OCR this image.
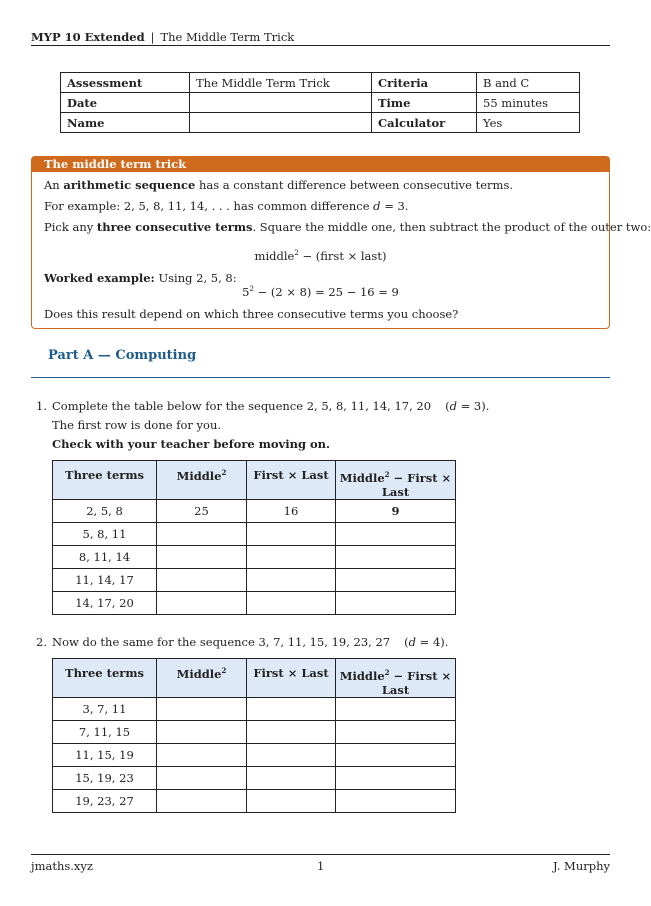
MYP 10 Extended | The Middle Term Trick
Assessment	The Middle Term Trick	Criteria	B and C
Date		Time	55 minutes
Name		Calculator	Yes
The middle term trick
An arithmetic sequence has a constant difference between consecutive terms.
For example: 2, 5, 8, 11, 14, . . . has common difference d = 3.
Pick any three consecutive terms. Square the middle one, then subtract the product of the outer two:
middle$^2$ − (first × last)
Worked example: Using 2, 5, 8:
$5^2 - (2 \times 8) = 25 - 16 = 9$
Does this result depend on which three consecutive terms you choose?
Part A — Computing
1. Complete the table below for the sequence 2, 5, 8, 11, 14, 17, 20 (d = 3).
The first row is done for you.
Check with your teacher before moving on.
Three terms	Middle$^2$	First × Last	Middle$^2$ − First ×
Last
2, 5, 8	25	16	9
5, 8, 11			
8, 11, 14			
11, 14, 17			
14, 17, 20			
2. Now do the same for the sequence 3, 7, 11, 15, 19, 23, 27 (d = 4).
Three terms	Middle$^2$	First × Last	Middle$^2$ − First ×
Last
3, 7, 11			
7, 11, 15			
11, 15, 19			
15, 19, 23			
19, 23, 27			
jmaths.xyz	1	J. Murphy
